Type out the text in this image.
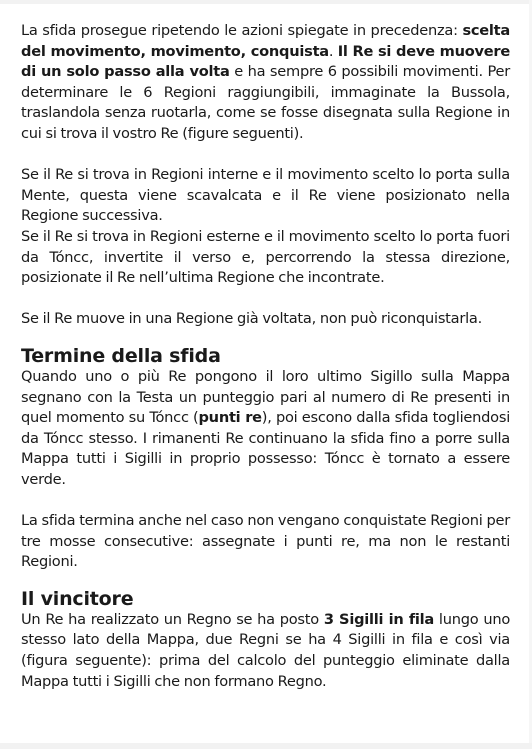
La sfida prosegue ripetendo le azioni spiegate in precedenza: scelta del movimento, movimento, conquista. Il Re si deve muovere di un solo passo alla volta e ha sempre 6 possibili movimenti. Per determinare le 6 Regioni raggiungibili, immaginate la Bussola, traslandola senza ruotarla, come se fosse disegnata sulla Regione in cui si trova il vostro Re (figure seguenti).

Se il Re si trova in Regioni interne e il movimento scelto lo porta sulla Mente, questa viene scavalcata e il Re viene posizionato nella Regione successiva.

Se il Re si trova in Regioni esterne e il movimento scelto lo porta fuori da Tóncc, invertite il verso e, percorrendo la stessa direzione, posizionate il Re nell’ultima Regione che incontrate.

Se il Re muove in una Regione già voltata, non può riconquistarla.

Termine della sfida

Quando uno o più Re pongono il loro ultimo Sigillo sulla Mappa segnano con la Testa un punteggio pari al numero di Re presenti in quel momento su Tóncc (punti re), poi escono dalla sfida togliendosi da Tóncc stesso. I rimanenti Re continuano la sfida fino a porre sulla Mappa tutti i Sigilli in proprio possesso: Tóncc è tornato a essere verde.

La sfida termina anche nel caso non vengano conquistate Regioni per tre mosse consecutive: assegnate i punti re, ma non le restanti Regioni.

Il vincitore

Un Re ha realizzato un Regno se ha posto 3 Sigilli in fila lungo uno stesso lato della Mappa, due Regni se ha 4 Sigilli in fila e così via (figura seguente): prima del calcolo del punteggio eliminate dalla Mappa tutti i Sigilli che non formano Regno.
